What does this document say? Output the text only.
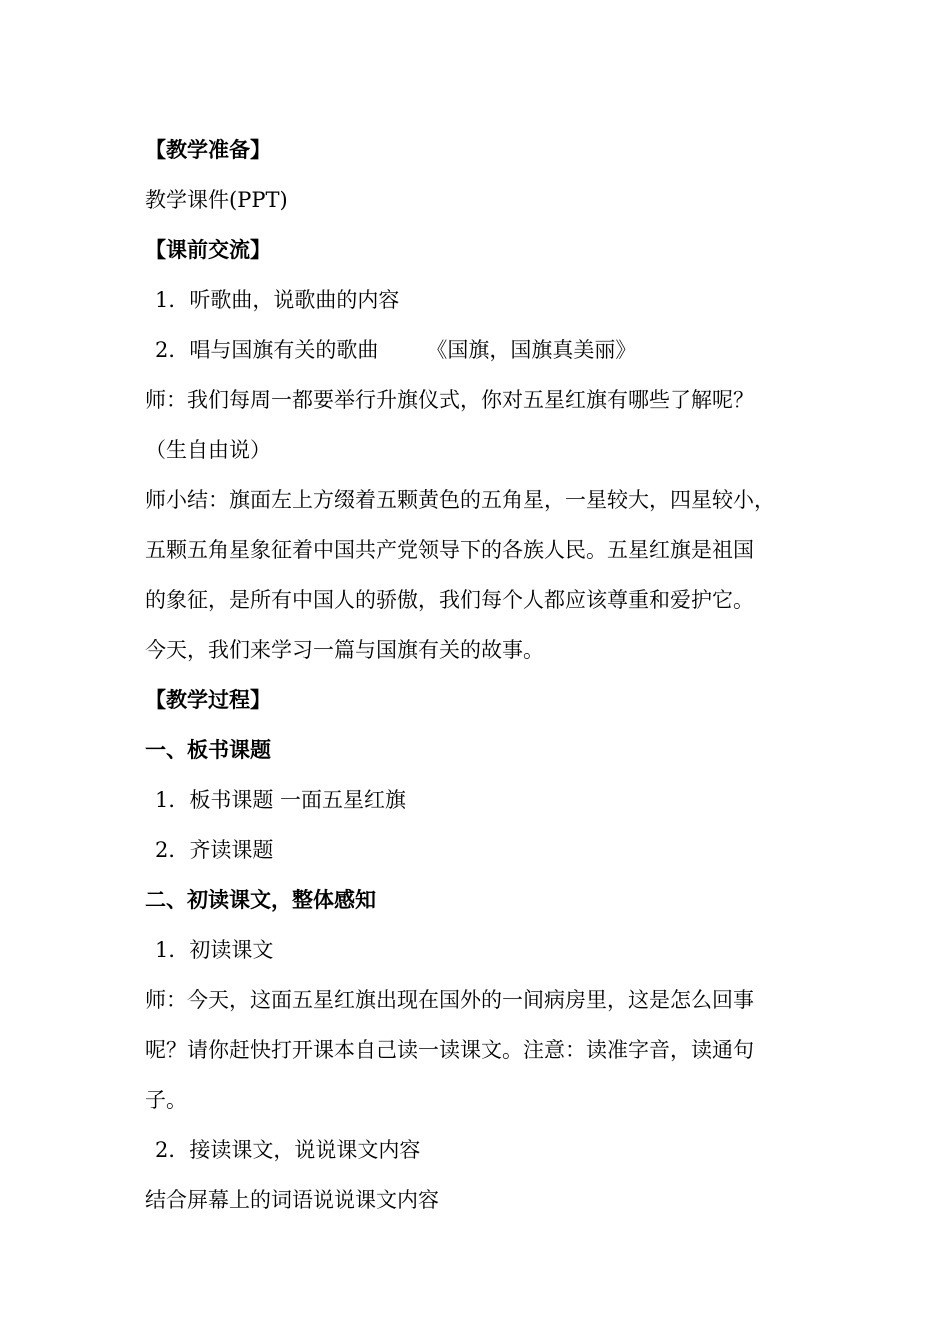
【教学准备】
教学课件(PPT)
【课前交流】
1．听歌曲，说歌曲的内容
2．唱与国旗有关的歌曲 《国旗，国旗真美丽》
师：我们每周一都要举行升旗仪式，你对五星红旗有哪些了解呢？
（生自由说）
师小结：旗面左上方缀着五颗黄色的五角星，一星较大，四星较小，
五颗五角星象征着中国共产党领导下的各族人民。五星红旗是祖国
的象征，是所有中国人的骄傲，我们每个人都应该尊重和爱护它。
今天，我们来学习一篇与国旗有关的故事。
【教学过程】
一、板书课题
1．板书课题 一面五星红旗
2．齐读课题
二、初读课文，整体感知
1．初读课文
师：今天，这面五星红旗出现在国外的一间病房里，这是怎么回事
呢？请你赶快打开课本自己读一读课文。注意：读准字音，读通句
子。
2．接读课文，说说课文内容
结合屏幕上的词语说说课文内容
